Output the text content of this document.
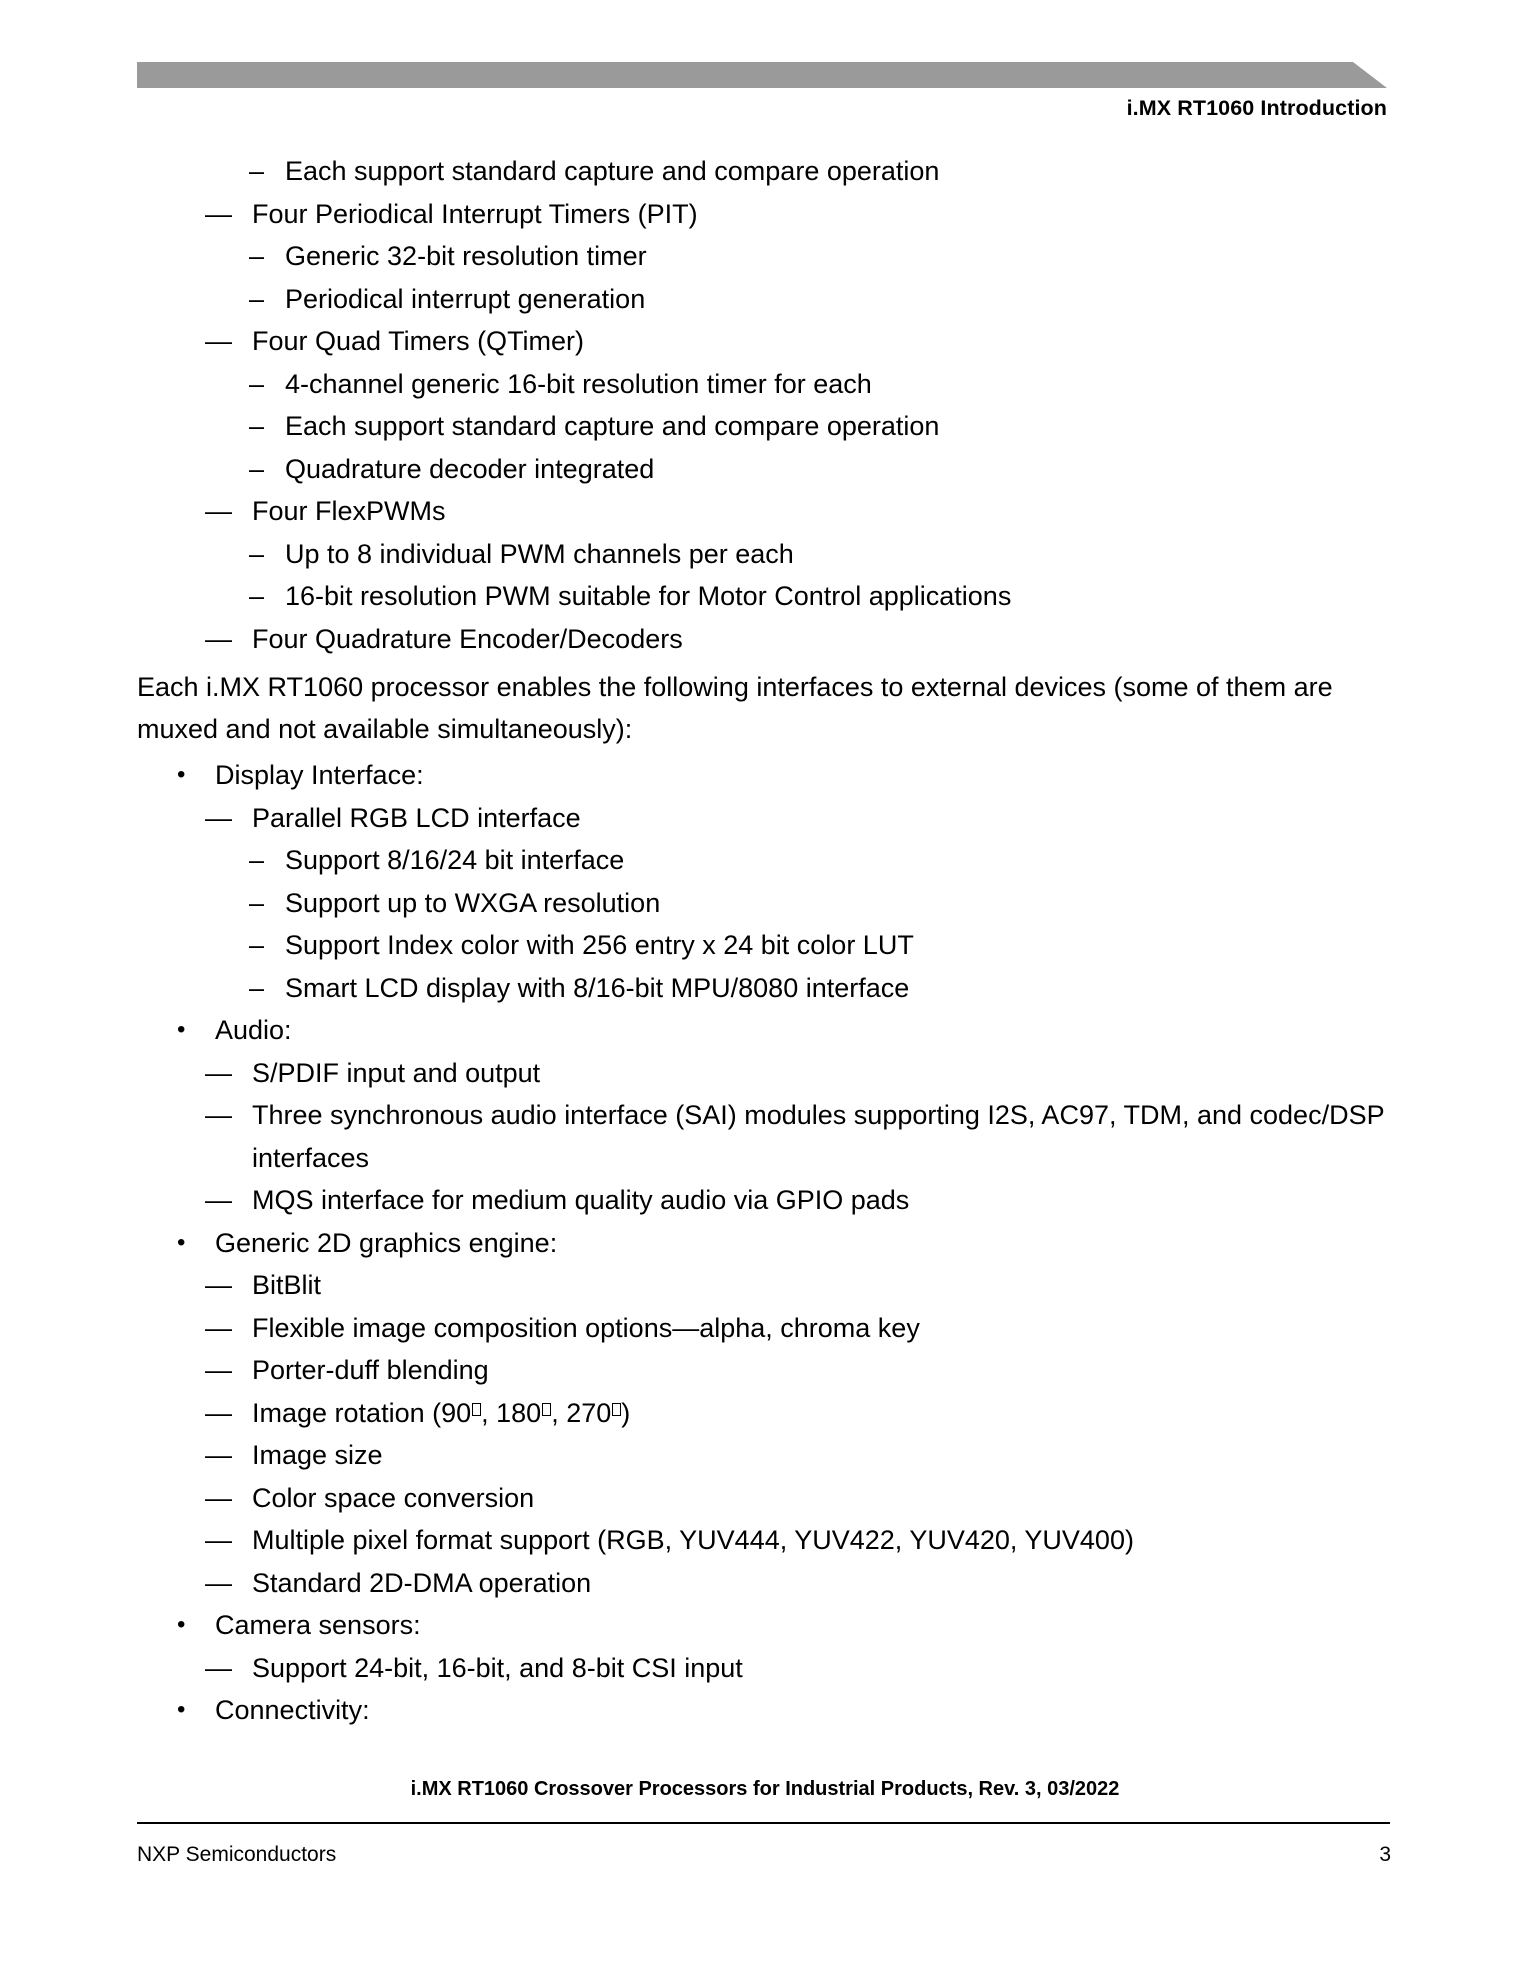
i.MX RT1060 Introduction
– Each support standard capture and compare operation
— Four Periodical Interrupt Timers (PIT)
– Generic 32-bit resolution timer
– Periodical interrupt generation
— Four Quad Timers (QTimer)
– 4-channel generic 16-bit resolution timer for each
– Each support standard capture and compare operation
– Quadrature decoder integrated
— Four FlexPWMs
– Up to 8 individual PWM channels per each
– 16-bit resolution PWM suitable for Motor Control applications
— Four Quadrature Encoder/Decoders
Each i.MX RT1060 processor enables the following interfaces to external devices (some of them are muxed and not available simultaneously):
•	Display Interface:
— Parallel RGB LCD interface
– Support 8/16/24 bit interface
– Support up to WXGA resolution
– Support Index color with 256 entry x 24 bit color LUT
– Smart LCD display with 8/16-bit MPU/8080 interface
•	Audio:
— S/PDIF input and output
— Three synchronous audio interface (SAI) modules supporting I2S, AC97, TDM, and codec/DSP interfaces
— MQS interface for medium quality audio via GPIO pads
•	Generic 2D graphics engine:
— BitBlit
— Flexible image composition options—alpha, chroma key
— Porter-duff blending
— Image rotation (90 , 180 , 270 )
— Image size
— Color space conversion
— Multiple pixel format support (RGB, YUV444, YUV422, YUV420, YUV400)
— Standard 2D-DMA operation
•	Camera sensors:
— Support 24-bit, 16-bit, and 8-bit CSI input
•	Connectivity:
i.MX RT1060 Crossover Processors for Industrial Products, Rev. 3, 03/2022
NXP Semiconductors	3
